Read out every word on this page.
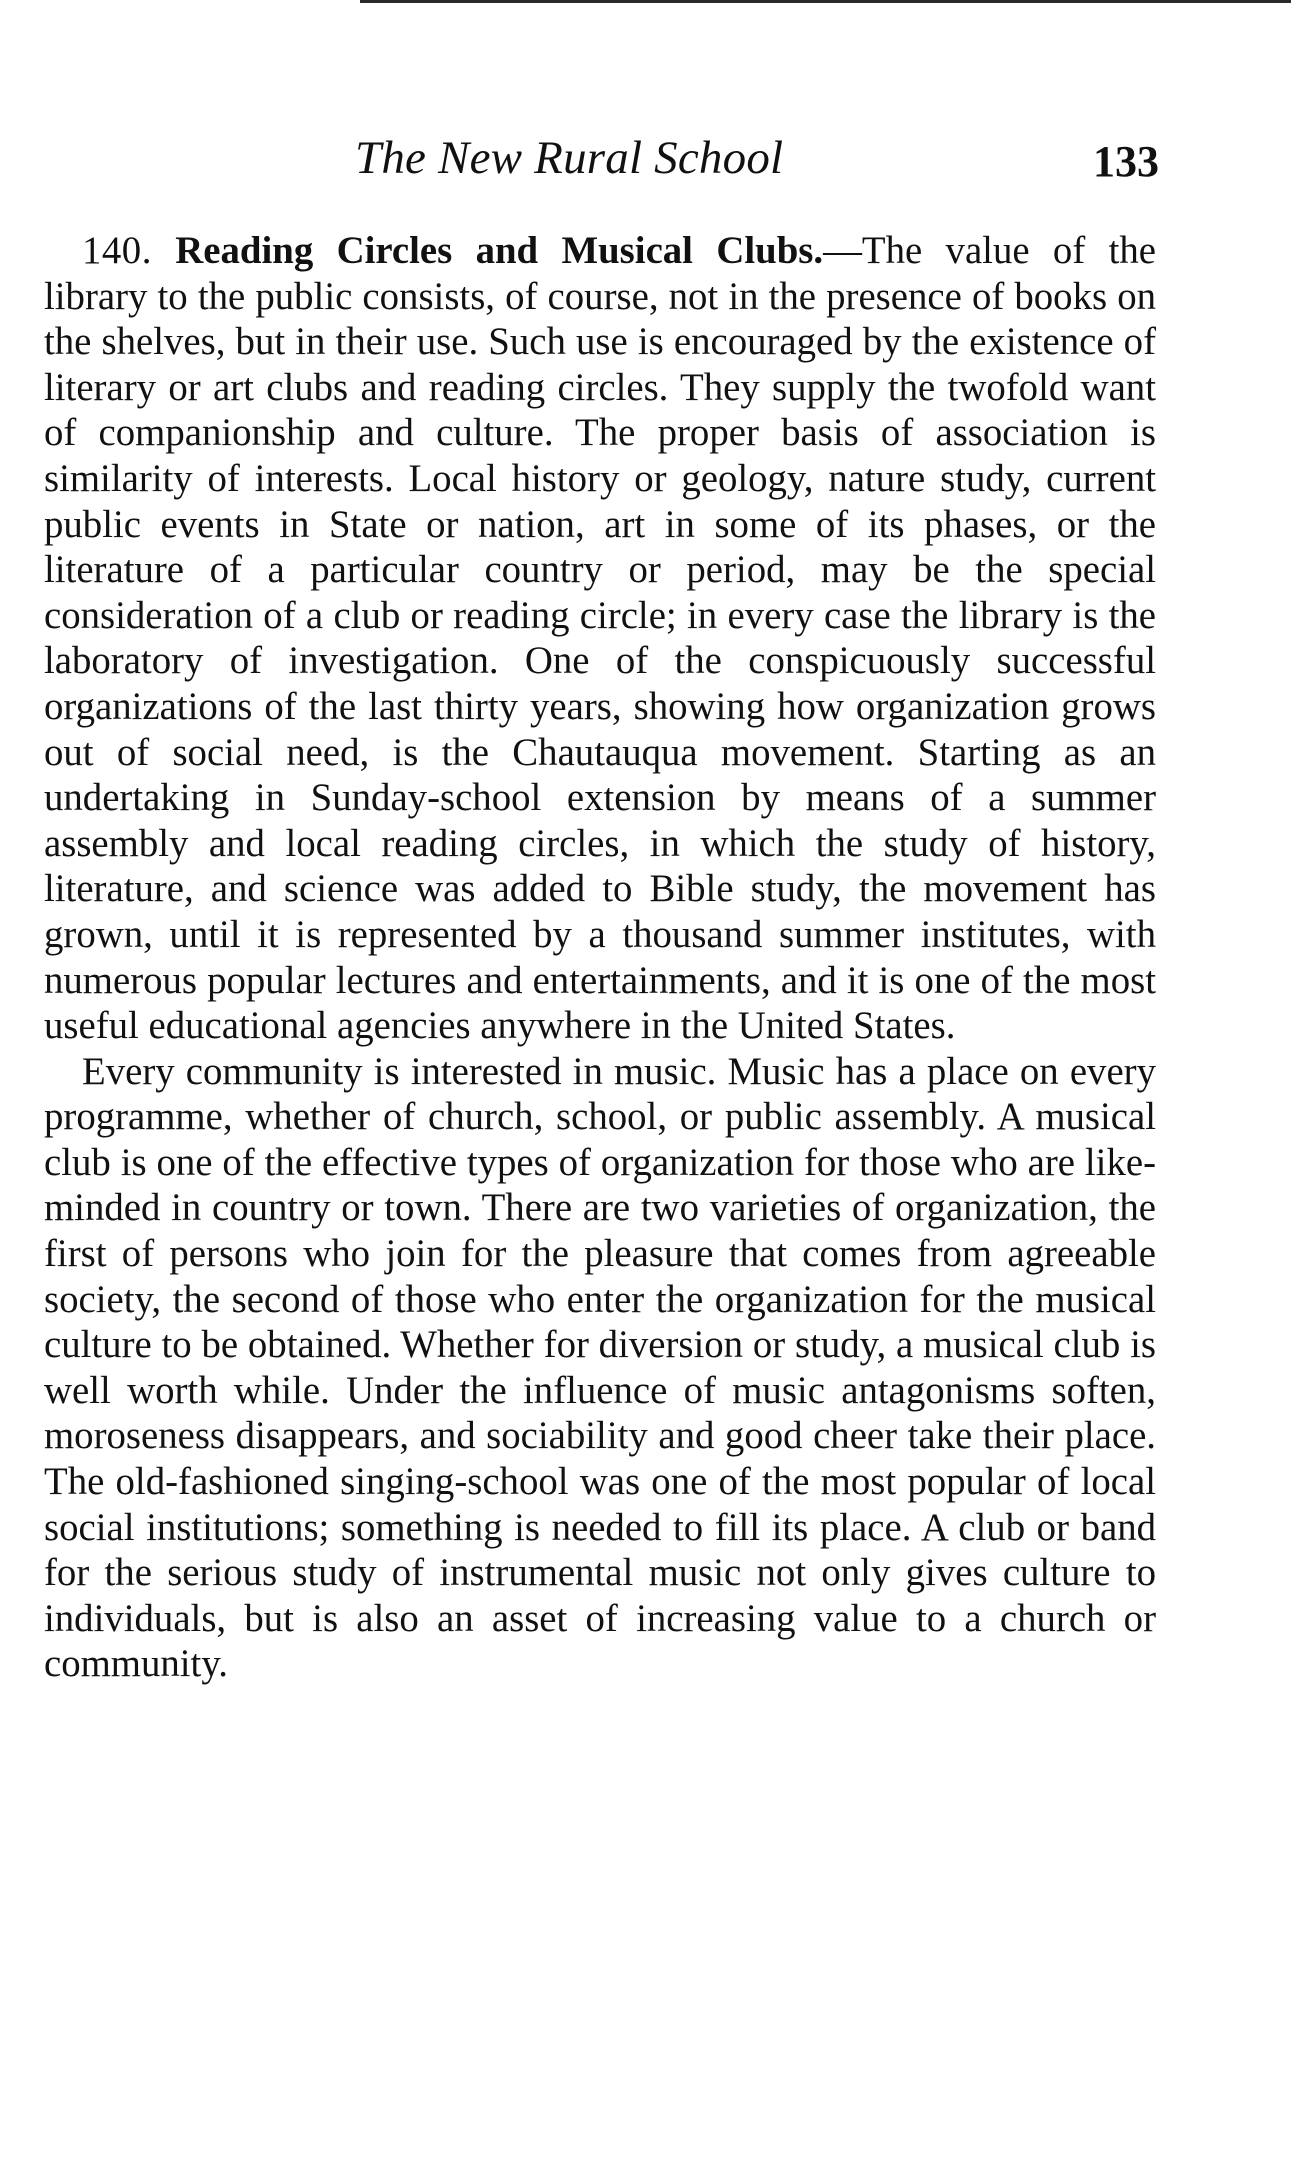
The New Rural School	133

140. Reading Circles and Musical Clubs.—The value of the library to the public consists, of course, not in the presence of books on the shelves, but in their use. Such use is encouraged by the existence of literary or art clubs and reading circles. They supply the twofold want of companionship and culture. The proper basis of association is similarity of interests. Local history or geology, nature study, current public events in State or nation, art in some of its phases, or the literature of a particular country or period, may be the special consideration of a club or reading circle; in every case the library is the laboratory of investigation. One of the conspicuously successful organizations of the last thirty years, showing how organization grows out of social need, is the Chautauqua movement. Starting as an undertaking in Sunday-school extension by means of a summer assembly and local reading circles, in which the study of history, literature, and science was added to Bible study, the movement has grown, until it is represented by a thousand summer institutes, with numerous popular lectures and entertainments, and it is one of the most useful educational agencies anywhere in the United States.

Every community is interested in music. Music has a place on every programme, whether of church, school, or public assembly. A musical club is one of the effective types of organization for those who are like-minded in country or town. There are two varieties of organization, the first of persons who join for the pleasure that comes from agreeable society, the second of those who enter the organization for the musical culture to be obtained. Whether for diversion or study, a musical club is well worth while. Under the influence of music antagonisms soften, moroseness disappears, and sociability and good cheer take their place. The old-fashioned singing-school was one of the most popular of local social institutions; something is needed to fill its place. A club or band for the serious study of instrumental music not only gives culture to individuals, but is also an asset of increasing value to a church or community.
